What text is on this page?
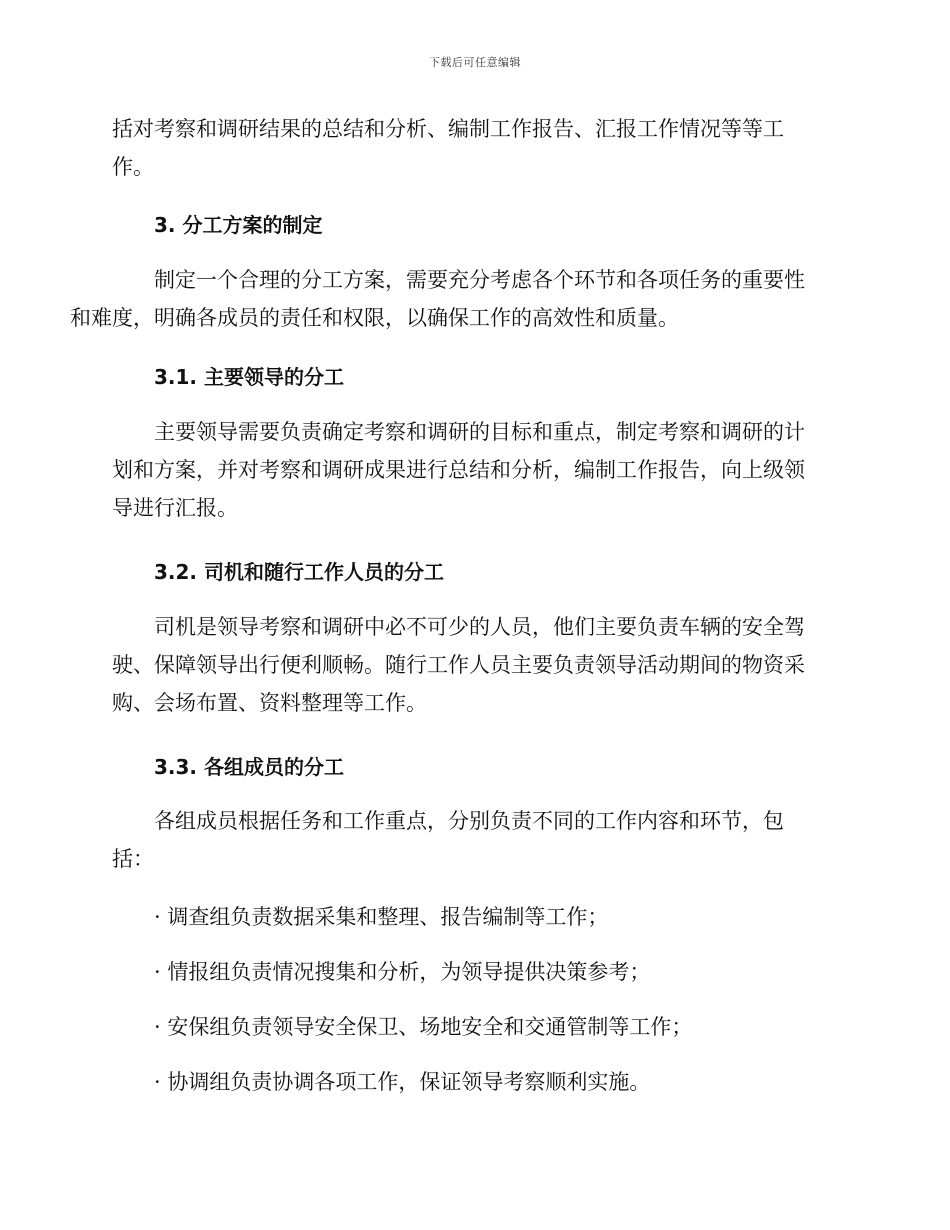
下载后可任意编辑
括对考察和调研结果的总结和分析、编制工作报告、汇报工作情况等等工
作。
3. 分工方案的制定
制定一个合理的分工方案，需要充分考虑各个环节和各项任务的重要性
和难度，明确各成员的责任和权限，以确保工作的高效性和质量。
3.1. 主要领导的分工
主要领导需要负责确定考察和调研的目标和重点，制定考察和调研的计
划和方案，并对考察和调研成果进行总结和分析，编制工作报告，向上级领
导进行汇报。
3.2. 司机和随行工作人员的分工
司机是领导考察和调研中必不可少的人员，他们主要负责车辆的安全驾
驶、保障领导出行便利顺畅。随行工作人员主要负责领导活动期间的物资采
购、会场布置、资料整理等工作。
3.3. 各组成员的分工
各组成员根据任务和工作重点，分别负责不同的工作内容和环节，包
括：
· 调查组负责数据采集和整理、报告编制等工作；
· 情报组负责情况搜集和分析，为领导提供决策参考；
· 安保组负责领导安全保卫、场地安全和交通管制等工作；
· 协调组负责协调各项工作，保证领导考察顺利实施。
